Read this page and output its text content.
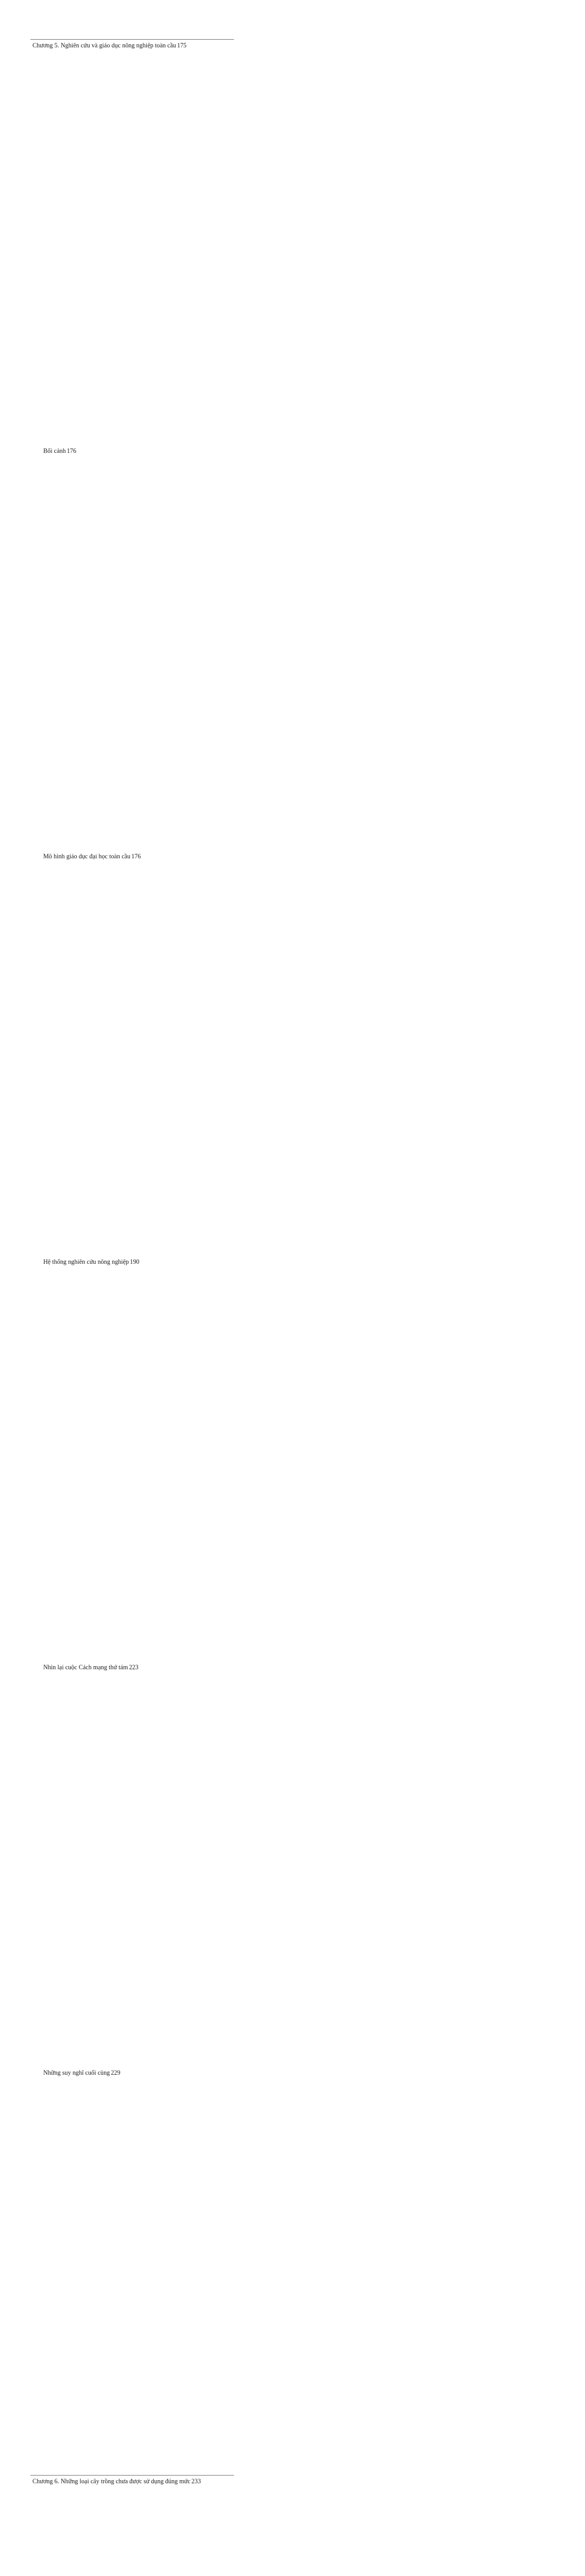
Chương 5. Nghiên cứu và giáo dục nông nghiệp toàn cầu 175
Bối cảnh 176
Mô hình giáo dục đại học toàn cầu 176
Hệ thống nghiên cứu nông nghiệp 190
Nhìn lại cuộc Cách mạng thứ tám 223
Những suy nghĩ cuối cùng 229
Chương 6. Những loại cây trồng chưa được sử dụng đúng mức 233
